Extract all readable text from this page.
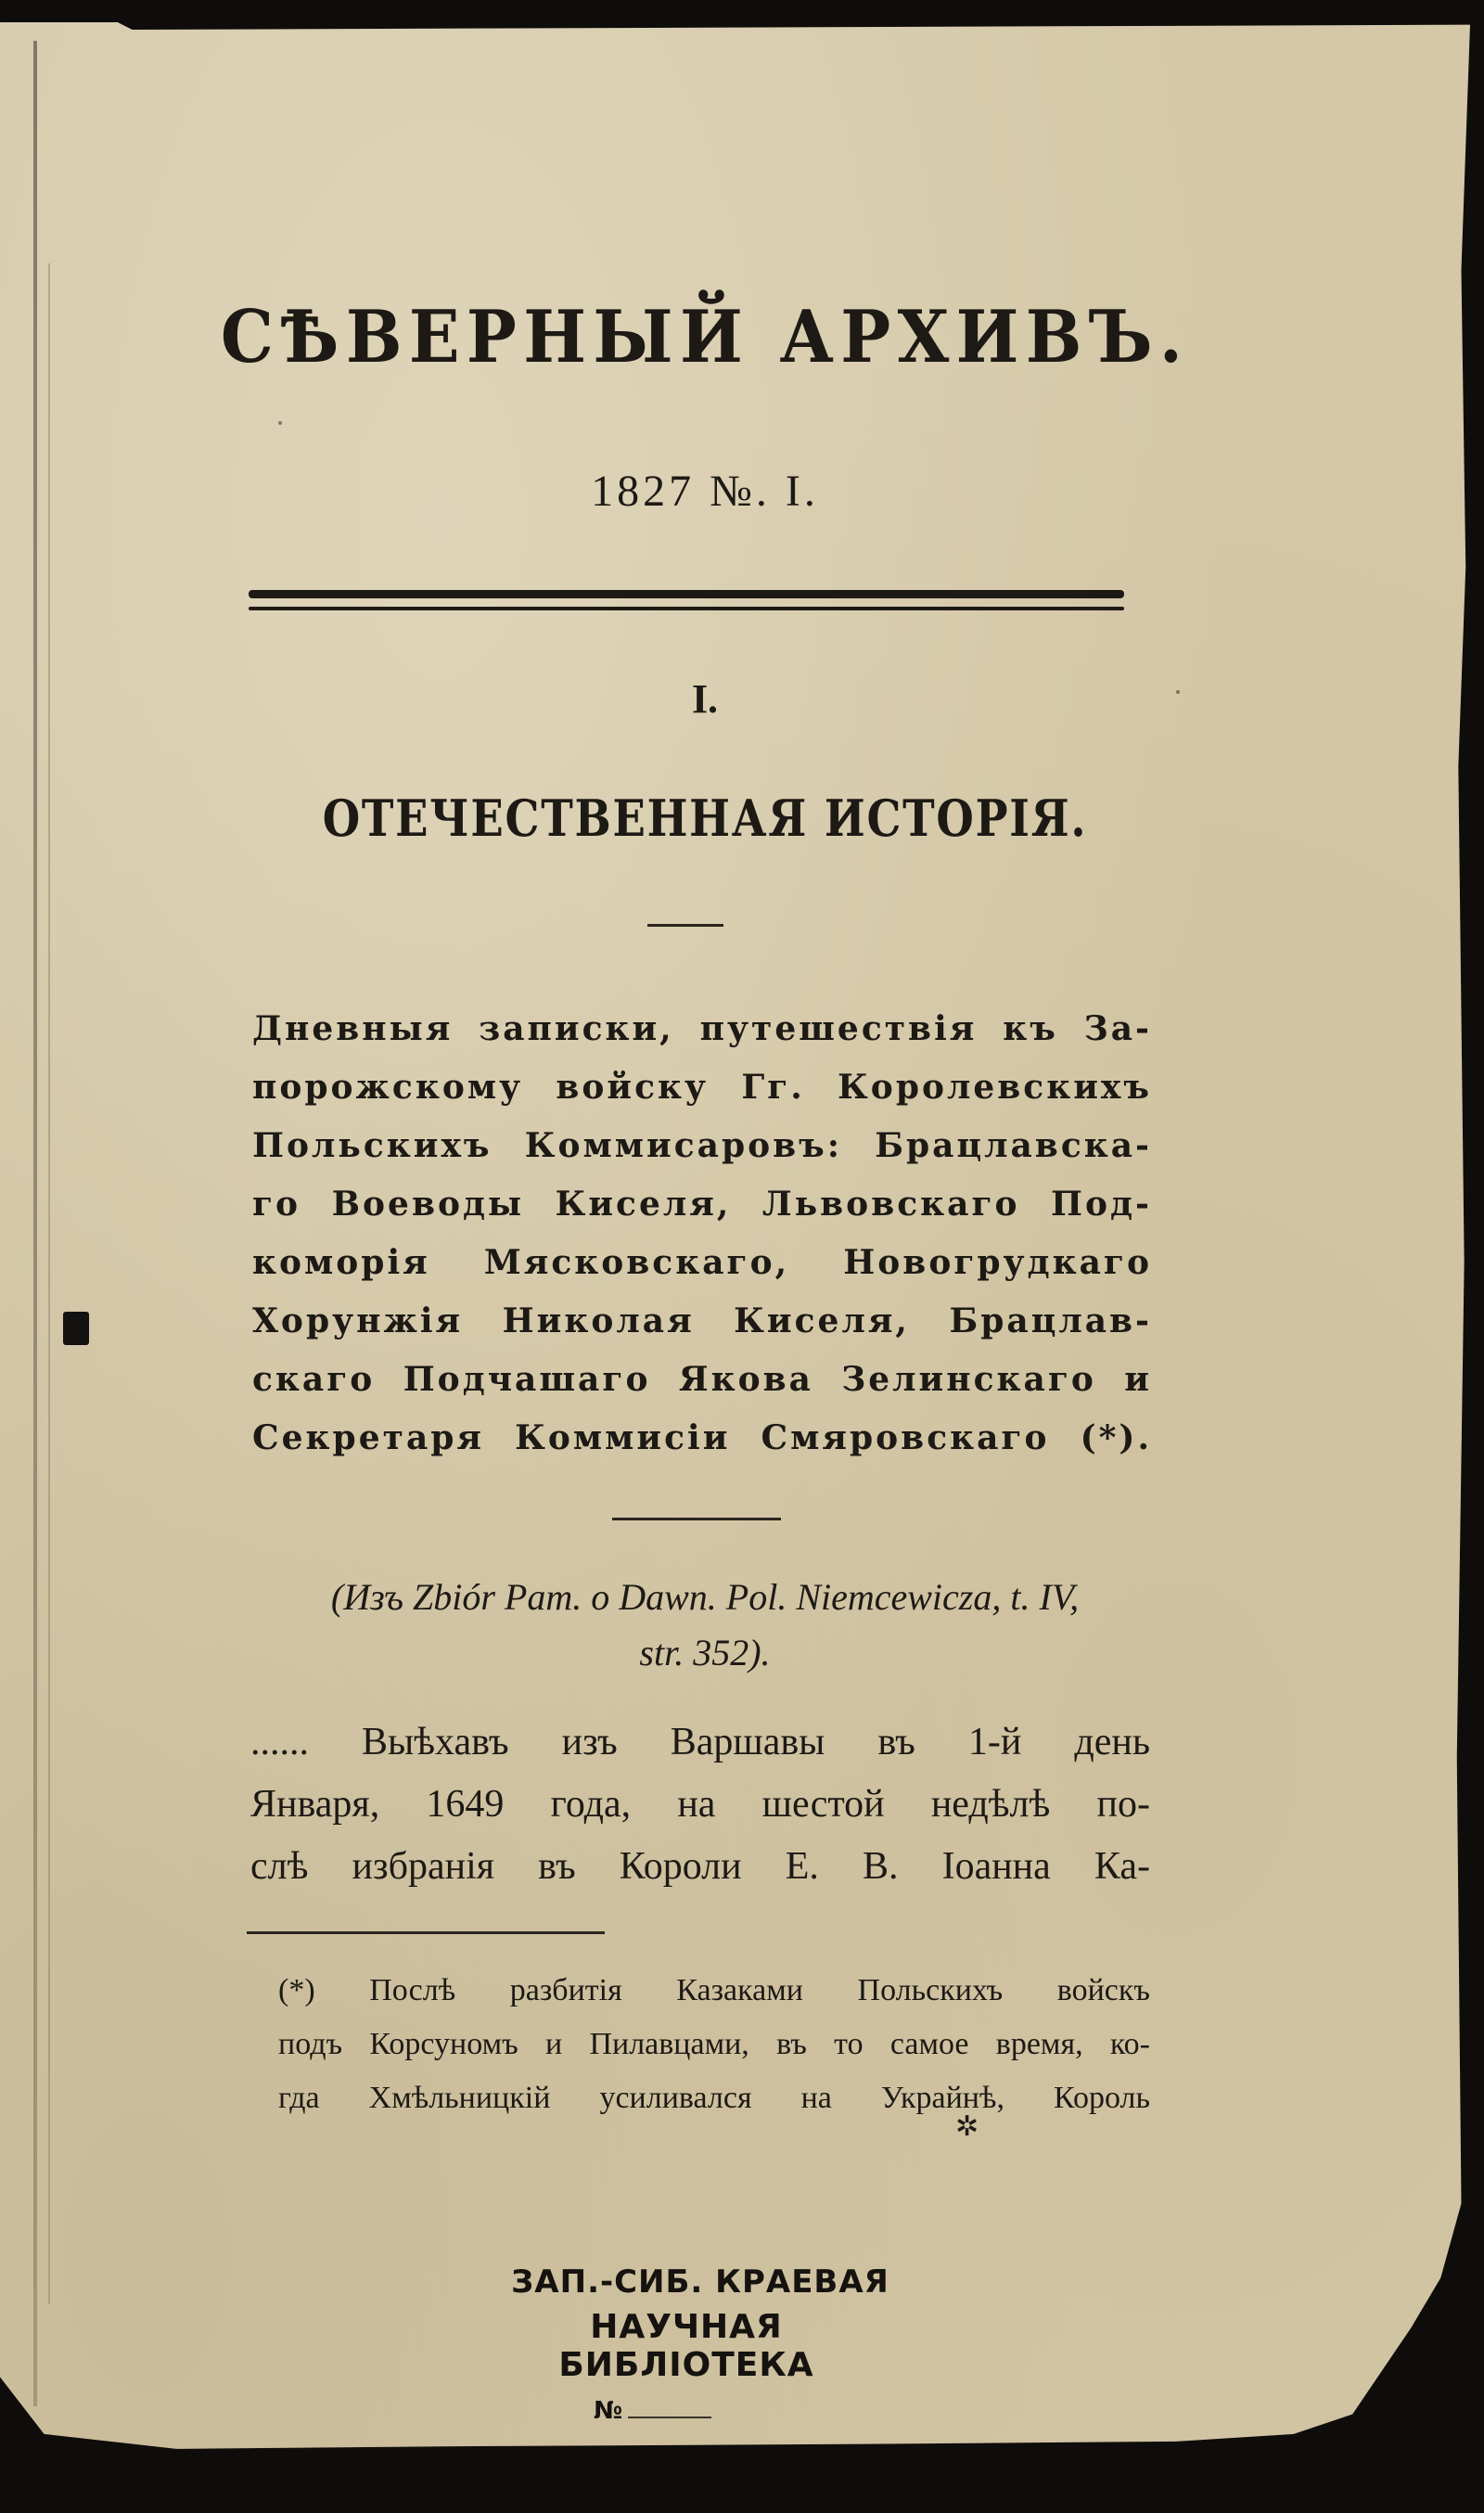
СѢВЕРНЫЙ АРХИВЪ.
1827 №. I.
I.
ОТЕЧЕСТВЕННАЯ ИСТОРІЯ.
Дневныя записки, путешествія къ За-
порожскому войску Гг. Королевскихъ
Польскихъ Коммисаровъ: Брацлавска-
го Воеводы Киселя, Львовскаго Под-
коморія Мясковскаго, Новогрудкаго
Хорунжія Николая Киселя, Брацлав-
скаго Подчашаго Якова Зелинскаго и
Секретаря Коммисіи Смяровскаго (*).
(Изъ Zbiór Pam. o Dawn. Pol. Niemcewicza, t. IV,
str. 352).
...... Выѣхавъ изъ Варшавы въ 1-й день
Января, 1649 года, на шестой недѣлѣ по-
слѣ избранія въ Короли Е. В. Іоанна Ка-
(*) Послѣ разбитія Казаками Польскихъ войскъ
подъ Корсуномъ и Пилавцами, въ то самое время, ко-
гда Хмѣльницкій усиливался на Украйнѣ, Король
✲
ЗАП.-СИБ. КРАЕВАЯ
НАУЧНАЯ БИБЛІОТЕКА
№
